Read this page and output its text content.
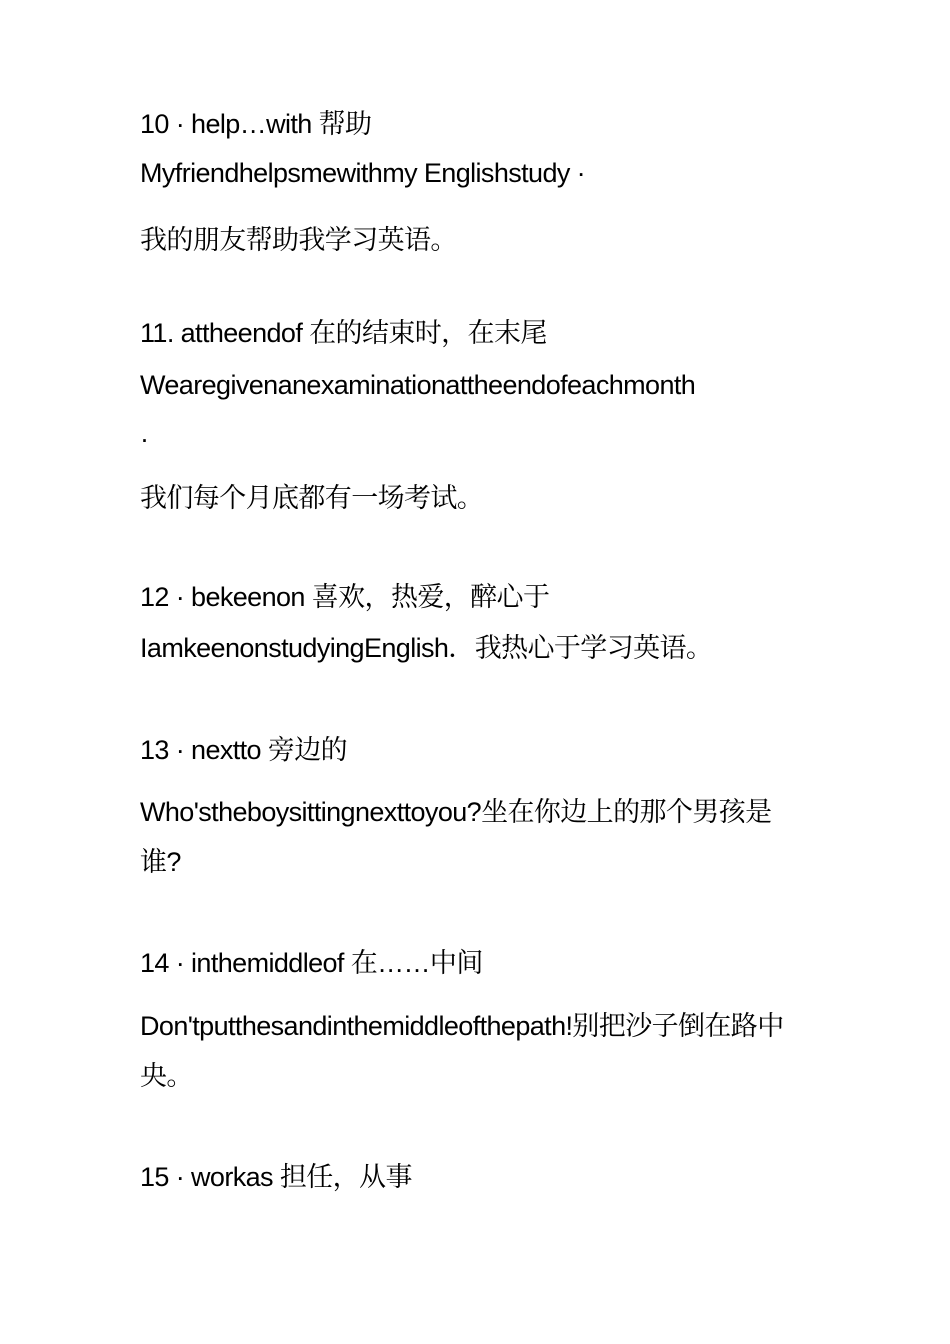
10 · help…with 帮助
Myfriendhelpsmewithmy Englishstudy ·
我的朋友帮助我学习英语。
11. attheendof 在的结束时，在末尾
Wearegivenanexaminationattheendofeachmonth
·
我们每个月底都有一场考试。
12 · bekeenon 喜欢，热爱，醉心于
IamkeenonstudyingEnglish．我热心于学习英语。
13 · nextto 旁边的
Who'stheboysittingnexttoyou?坐在你边上的那个男孩是谁?
14 · inthemiddleof 在……中间
Don'tputthesandinthemiddleofthepath!别把沙子倒在路中央。
15 · workas 担任，从事
